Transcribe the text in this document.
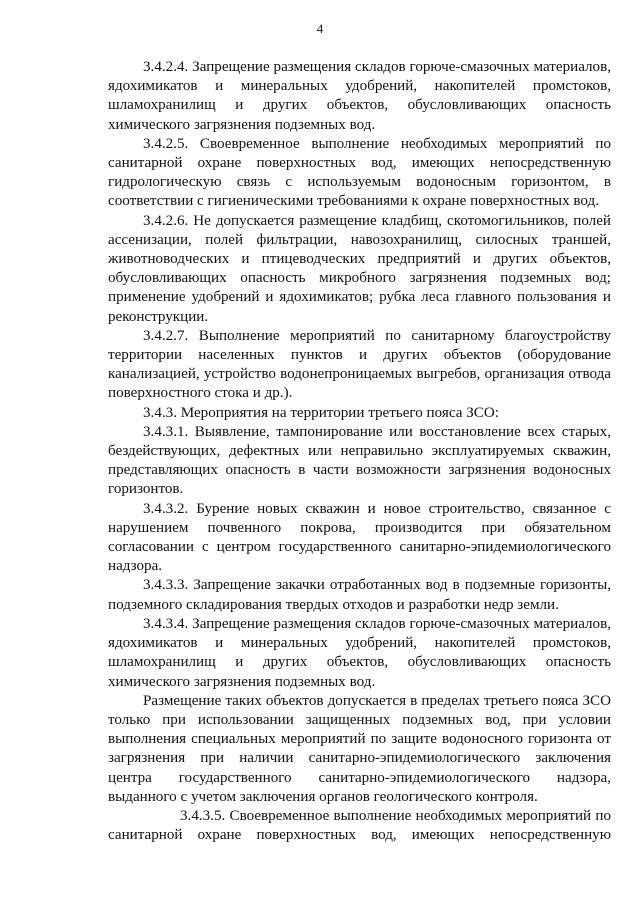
4

3.4.2.4. Запрещение размещения складов горюче-смазочных материалов, ядохимикатов и минеральных удобрений, накопителей промстоков, шламохранилищ и других объектов, обусловливающих опасность химического загрязнения подземных вод.

3.4.2.5. Своевременное выполнение необходимых мероприятий по санитарной охране поверхностных вод, имеющих непосредственную гидрологическую связь с используемым водоносным горизонтом, в соответствии с гигиеническими требованиями к охране поверхностных вод.

3.4.2.6. Не допускается размещение кладбищ, скотомогильников, полей ассенизации, полей фильтрации, навозохранилищ, силосных траншей, животноводческих и птицеводческих предприятий и других объектов, обусловливающих опасность микробного загрязнения подземных вод; применение удобрений и ядохимикатов; рубка леса главного пользования и реконструкции.

3.4.2.7. Выполнение мероприятий по санитарному благоустройству территории населенных пунктов и других объектов (оборудование канализацией, устройство водонепроницаемых выгребов, организация отвода поверхностного стока и др.).

3.4.3. Мероприятия на территории третьего пояса ЗСО:

3.4.3.1. Выявление, тампонирование или восстановление всех старых, бездействующих, дефектных или неправильно эксплуатируемых скважин, представляющих опасность в части возможности загрязнения водоносных горизонтов.

3.4.3.2. Бурение новых скважин и новое строительство, связанное с нарушением почвенного покрова, производится при обязательном согласовании с центром государственного санитарно-эпидемиологического надзора.

3.4.3.3. Запрещение закачки отработанных вод в подземные горизонты, подземного складирования твердых отходов и разработки недр земли.

3.4.3.4. Запрещение размещения складов горюче-смазочных материалов, ядохимикатов и минеральных удобрений, накопителей промстоков, шламохранилищ и других объектов, обусловливающих опасность химического загрязнения подземных вод.

Размещение таких объектов допускается в пределах третьего пояса ЗСО только при использовании защищенных подземных вод, при условии выполнения специальных мероприятий по защите водоносного горизонта от загрязнения при наличии санитарно-эпидемиологического заключения центра государственного санитарно-эпидемиологического надзора, выданного с учетом заключения органов геологического контроля.

3.4.3.5. Своевременное выполнение необходимых мероприятий по санитарной охране поверхностных вод, имеющих непосредственную
